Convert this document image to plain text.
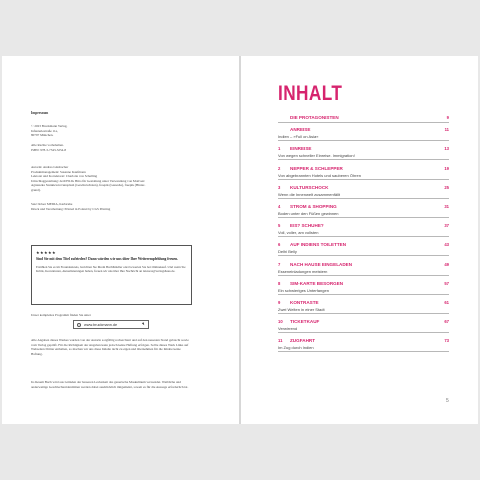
Impressum
© 2023 Bruckmann Verlag,
Infanteriestraße 11a,
80797 München.
Alle Rechte vorbehalten.
ISBN: 978-3-7343-3254-8
Autorin: Andrea Glasbacher
Produktmanagement: Susanne Kaufmann
Lektorat und Korrektorat: Charlotte von Schelling
Umschlaggestaltung: derUHLIG Büro für Gestaltung unter Verwendung von Motiven:
Agnieszka Stankiewicz/unsplash (Gewürzschalen), freepik (Ganesha), freepik (Hinter-
grund).
Satz: Röser MEDIA, Karlsruhe
Druck und Verarbeitung: Printed in Poland by CGS Printing
★★★★★
Sind Sie mit dem Titel zufrieden? Dann würden wir uns über Ihre Weiterempfehlung freuen.
Erzählen Sie es im Freundeskreis, berichten Sie Ihrem Buchhändler oder bewerten Sie bei Onlinekauf. Und wenn Sie Kritik, Korrekturen, Aktualisierungen haben, freuen wir uns über Ihre Nachricht an lektorat@verlagshaus.de.
Unser komplettes Programm finden Sie unter
www.bruckmann.de
Alle Angaben dieses Werkes wurden von der Autorin sorgfältig recherchiert und auf den neuesten Stand gebracht sowie vom Verlag geprüft. Für die Richtigkeit der Angaben kann jedoch keine Haftung erfolgen. Sollte dieses Werk Links auf Webseiten Dritter enthalten, so machen wir uns diese Inhalte nicht zu eigen und übernehmen für die Inhalte keine Haftung.
In diesem Buch wird aus Gründen der besseren Lesbarkeit das generische Maskulinum verwendet. Weibliche und anderweitige Geschlechteridentitäten werden dabei ausdrücklich mitgemeint, soweit es für die Aussage erforderlich ist.
INHALT
DIE PROTAGONISTEN	9
ANREISE	11
Indien – »Full on Asia«
1	EINREISE	13
Von wegen schneller Einreise. Immigration!
2	NEPPER & SCHLEPPER	19
Von abgebrannten Hotels und sauberen Öhren
3	KULTURSCHOCK	25
Wenn die Innenwelt zusammenfällt
4	STROM & SHOPPING	31
Boden unter den Füßen gewinnen
5	EIS? SCHUHE?	37
Voll, voller, am vollsten
6	AUF INDIENS TOILETTEN	43
Delhi Belly
7	NACH HAUSE EINGELADEN	49
Esseneinladungen meistern
8	SIM-KARTE BESORGEN	57
Ein schwieriges Unterfangen
9	KONTRASTE	61
Zwei Welten in einer Stadt
10	TICKETKAUF	67
Verwirrend
11	ZUGFAHRT	73
Im Zug durch Indien
5
